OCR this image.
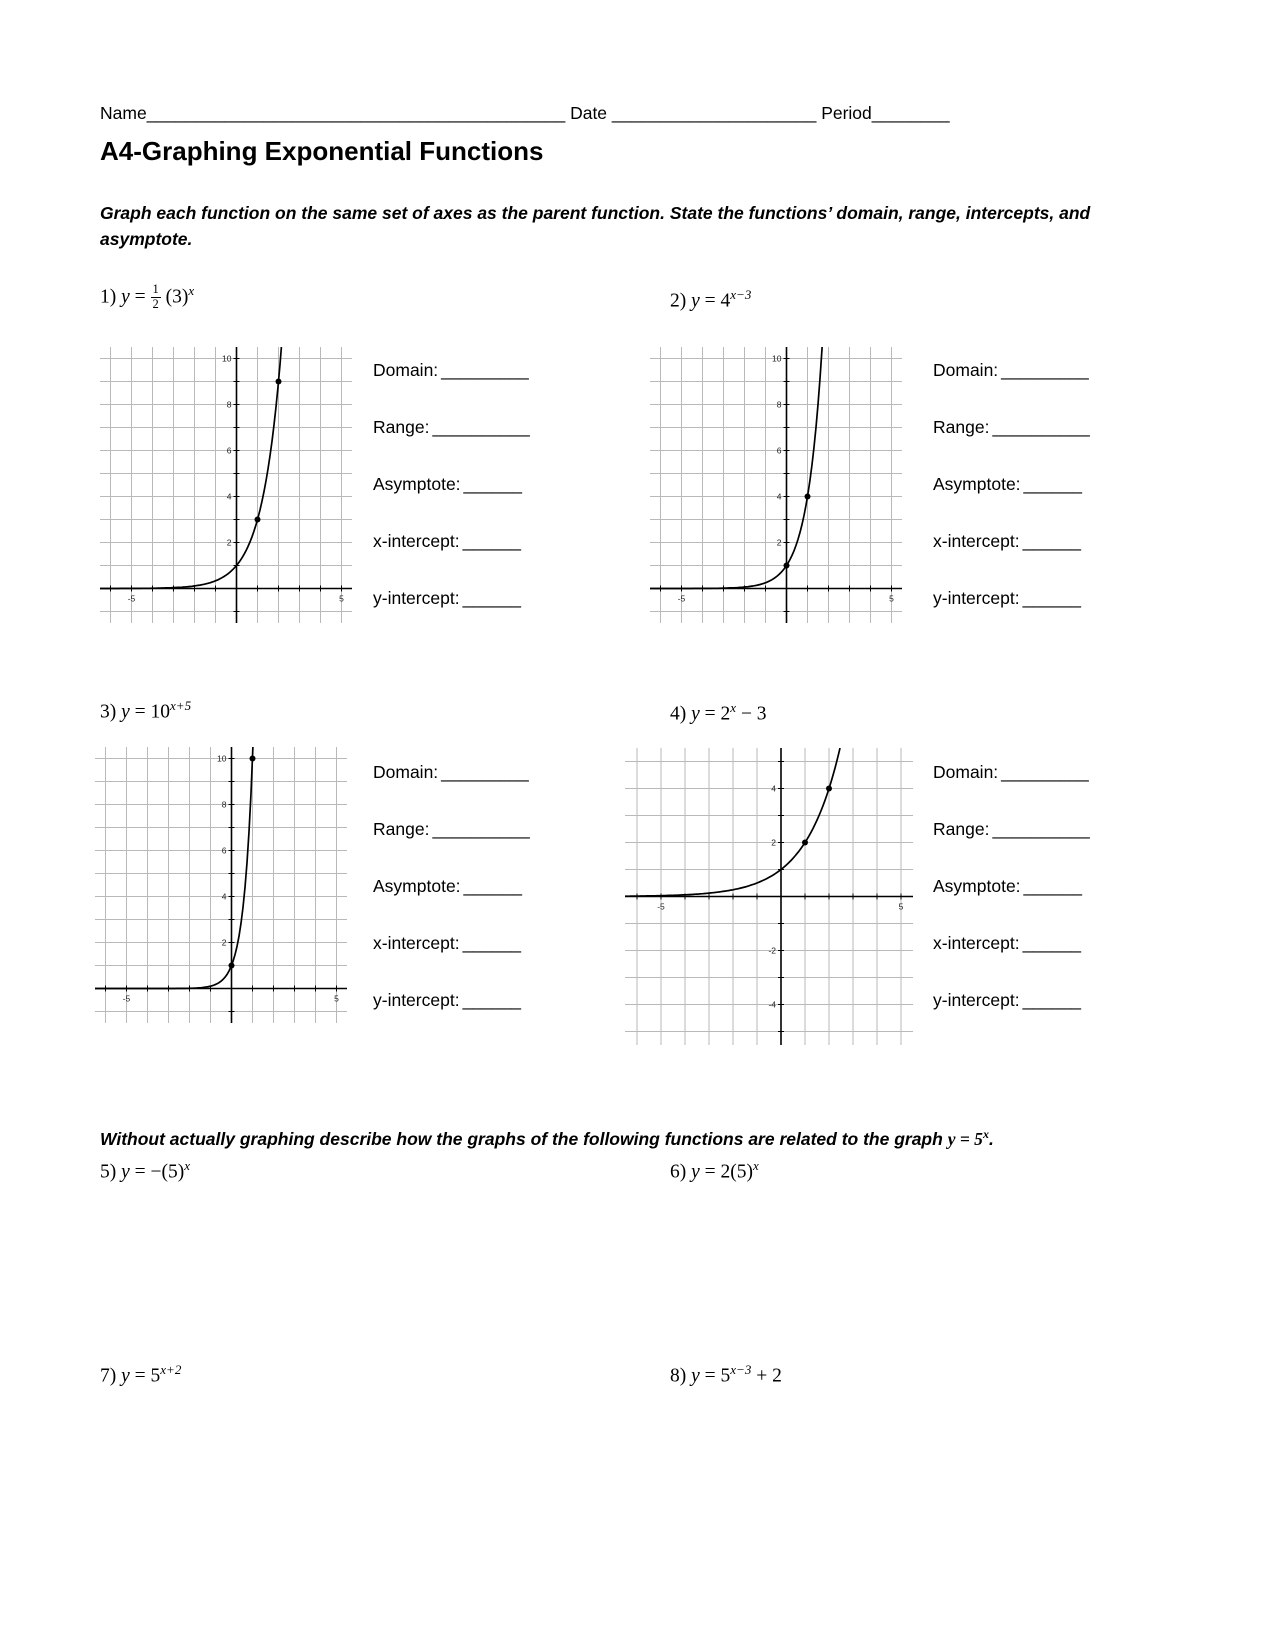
Name___________________________________________ Date _____________________ Period________
A4-Graphing Exponential Functions
Graph each function on the same set of axes as the parent function. State the functions’ domain, range, intercepts, and asymptote.
1) $y = \frac{1}{2} (3)^x$	2) $y = 4^{x-3}$
2
4
6
8
10
-5	5
Domain: _________
Range: __________
Asymptote: ______
x-intercept: ______
y-intercept: ______
2
4
6
8
10
-5	5
Domain: _________
Range: __________
Asymptote: ______
x-intercept: ______
y-intercept: ______
3) $y = 10^{x+5}$	4) $y = 2^x - 3$
2
4
6
8
10
-5	5
Domain: _________
Range: __________
Asymptote: ______
x-intercept: ______
y-intercept: ______
4
2
-2
-4
-5	5
Domain: _________
Range: __________
Asymptote: ______
x-intercept: ______
y-intercept: ______
Without actually graphing describe how the graphs of the following functions are related to the graph $y = 5^x$.
5) $y = -(5)^x$	6) $y = 2(5)^x$
7) $y = 5^{x+2}$	8) $y = 5^{x-3} + 2$
